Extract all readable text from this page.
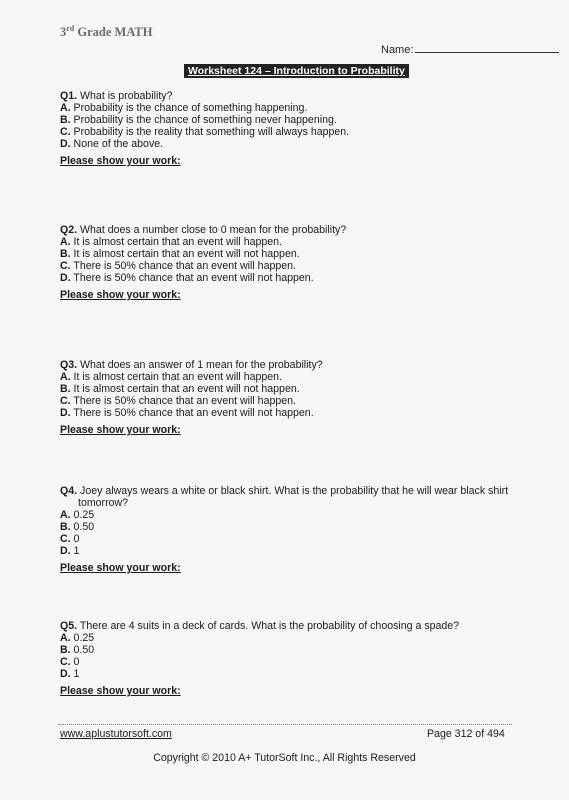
3rd Grade MATH
Name:
Worksheet 124 – Introduction to Probability

Q1. What is probability?

A. Probability is the chance of something happening.

B. Probability is the chance of something never happening.

C. Probability is the reality that something will always happen.

D. None of the above.

Please show your work:

Q2. What does a number close to 0 mean for the probability?

A. It is almost certain that an event will happen.

B. It is almost certain that an event will not happen.

C. There is 50% chance that an event will happen.

D. There is 50% chance that an event will not happen.

Please show your work:

Q3. What does an answer of 1 mean for the probability?

A. It is almost certain that an event will happen.

B. It is almost certain that an event will not happen.

C. There is 50% chance that an event will happen.

D. There is 50% chance that an event will not happen.

Please show your work:

Q4. Joey always wears a white or black shirt. What is the probability that he will wear black shirt

tomorrow?

A. 0.25

B. 0.50

C. 0

D. 1

Please show your work:

Q5. There are 4 suits in a deck of cards. What is the probability of choosing a spade?

A. 0.25

B. 0.50

C. 0

D. 1

Please show your work:

www.aplustutorsoft.com	Page 312 of 494
Copyright © 2010 A+ TutorSoft Inc., All Rights Reserved
